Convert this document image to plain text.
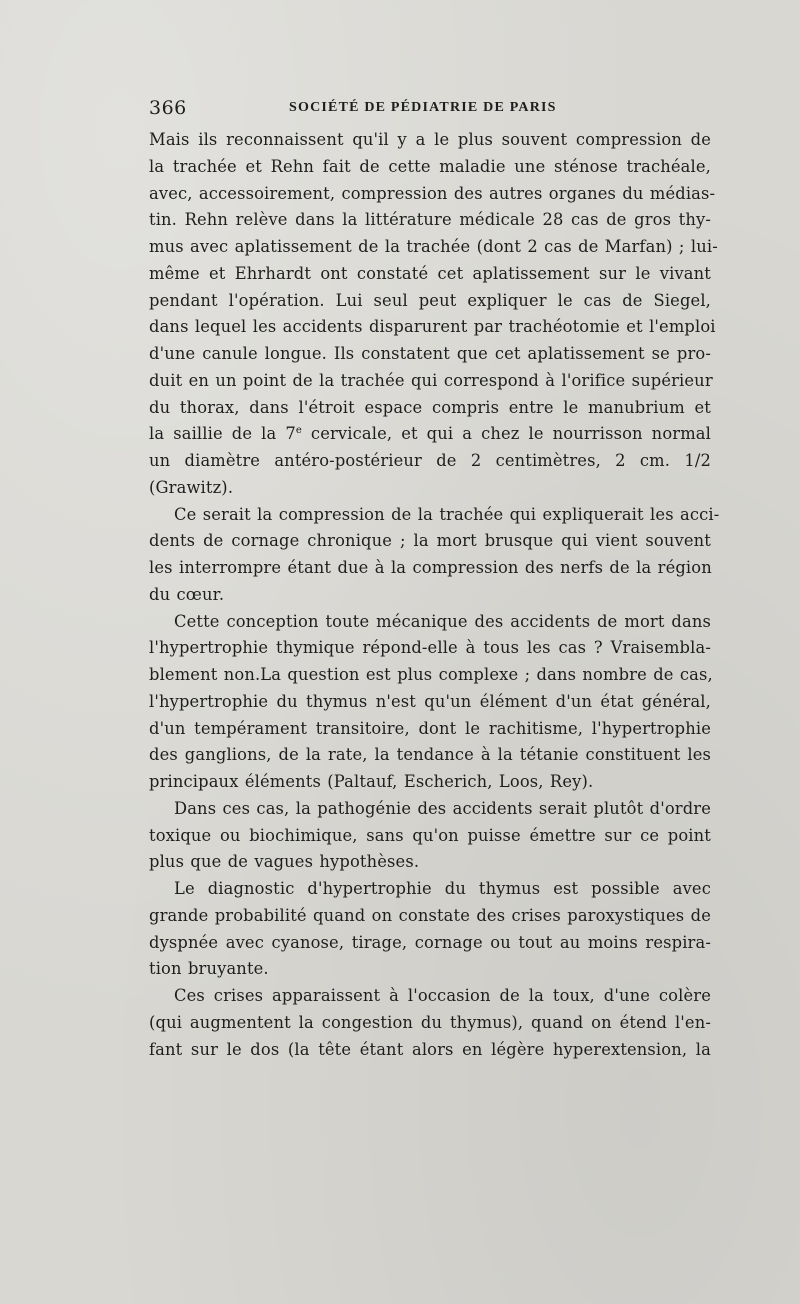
366	SOCIÉTÉ DE PÉDIATRIE DE PARIS
Mais ils reconnaissent qu'il y a le plus souvent compression de
la trachée et Rehn fait de cette maladie une sténose trachéale,
avec, accessoirement, compression des autres organes du médias-
tin. Rehn relève dans la littérature médicale 28 cas de gros thy-
mus avec aplatissement de la trachée (dont 2 cas de Marfan) ; lui-
même et Ehrhardt ont constaté cet aplatissement sur le vivant
pendant l'opération. Lui seul peut expliquer le cas de Siegel,
dans lequel les accidents disparurent par trachéotomie et l'emploi
d'une canule longue. Ils constatent que cet aplatissement se pro-
duit en un point de la trachée qui correspond à l'orifice supérieur
du thorax, dans l'étroit espace compris entre le manubrium et
la saillie de la 7e cervicale, et qui a chez le nourrisson normal
un diamètre antéro-postérieur de 2 centimètres, 2 cm. 1/2
(Grawitz).
Ce serait la compression de la trachée qui expliquerait les acci-
dents de cornage chronique ; la mort brusque qui vient souvent
les interrompre étant due à la compression des nerfs de la région
du cœur.
Cette conception toute mécanique des accidents de mort dans
l'hypertrophie thymique répond-elle à tous les cas ? Vraisembla-
blement non.La question est plus complexe ; dans nombre de cas,
l'hypertrophie du thymus n'est qu'un élément d'un état général,
d'un tempérament transitoire, dont le rachitisme, l'hypertrophie
des ganglions, de la rate, la tendance à la tétanie constituent les
principaux éléments (Paltauf, Escherich, Loos, Rey).
Dans ces cas, la pathogénie des accidents serait plutôt d'ordre
toxique ou biochimique, sans qu'on puisse émettre sur ce point
plus que de vagues hypothèses.
Le diagnostic d'hypertrophie du thymus est possible avec
grande probabilité quand on constate des crises paroxystiques de
dyspnée avec cyanose, tirage, cornage ou tout au moins respira-
tion bruyante.
Ces crises apparaissent à l'occasion de la toux, d'une colère
(qui augmentent la congestion du thymus), quand on étend l'en-
fant sur le dos (la tête étant alors en légère hyperextension, la
